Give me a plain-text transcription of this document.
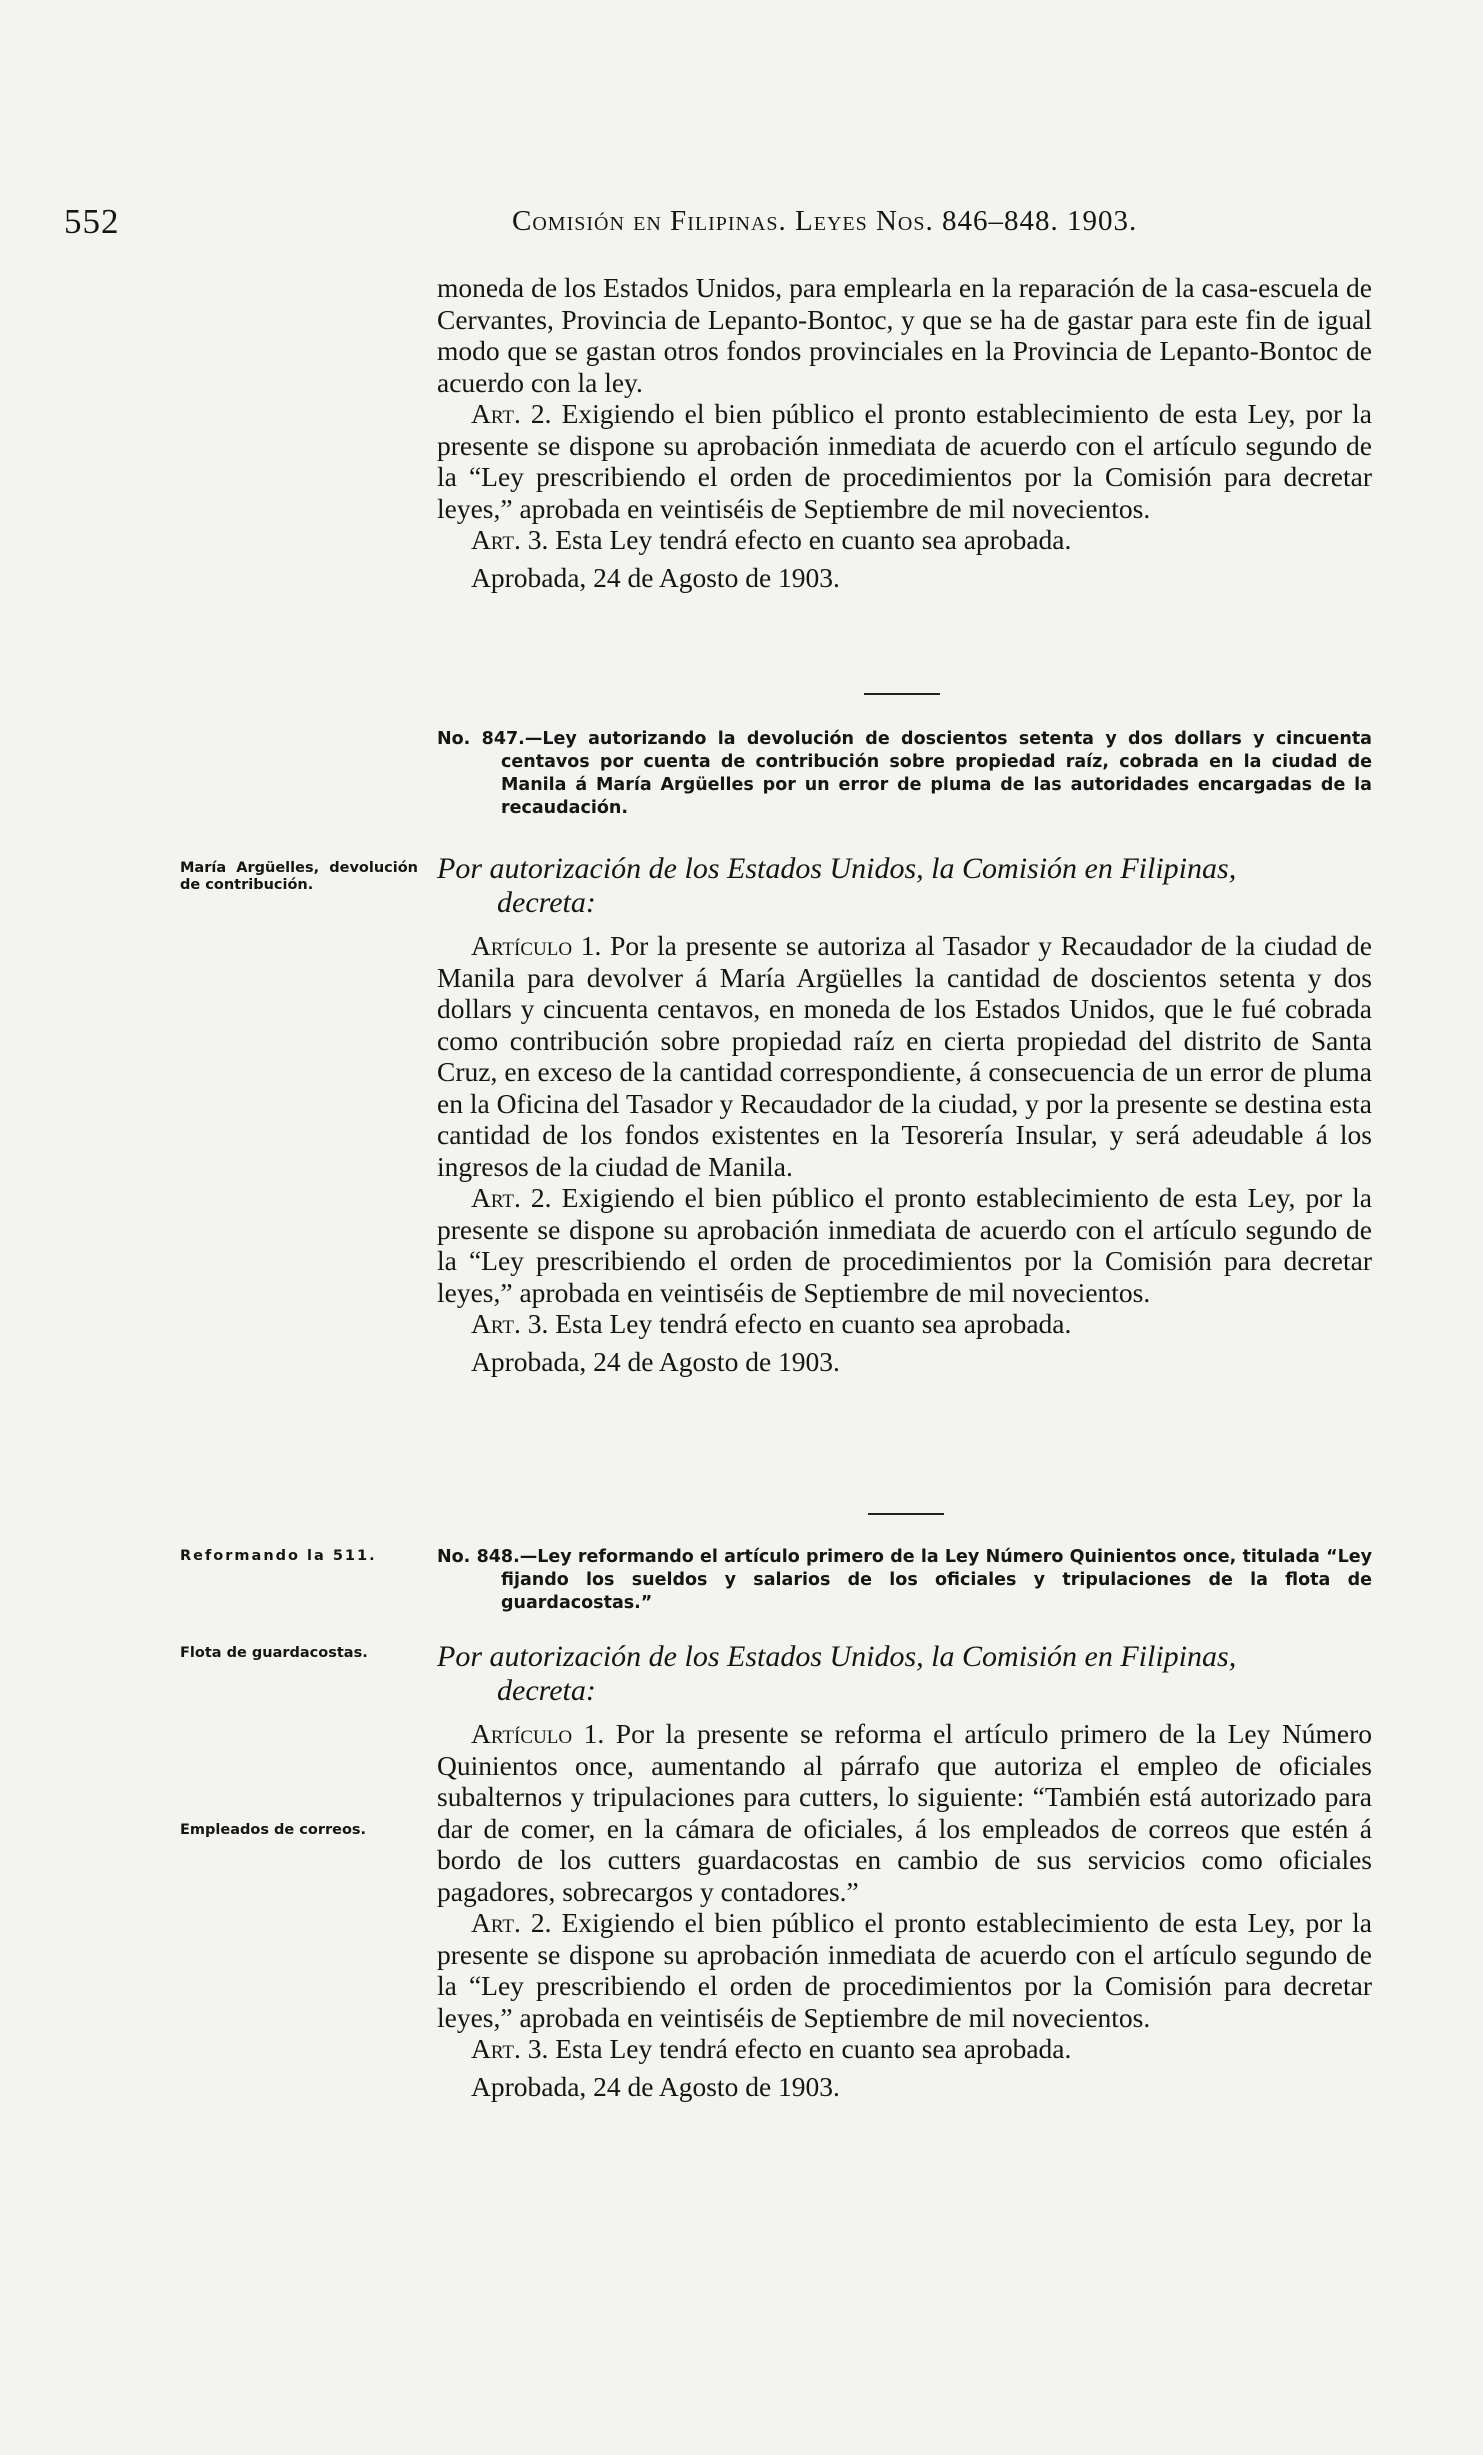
552	Comisión en Filipinas. Leyes Nos. 846–848. 1903.

moneda de los Estados Unidos, para emplearla en la reparación de la casa-escuela de Cervantes, Provincia de Lepanto-Bontoc, y que se ha de gastar para este fin de igual modo que se gastan otros fondos provinciales en la Provincia de Lepanto-Bontoc de acuerdo con la ley.

Art. 2. Exigiendo el bien público el pronto establecimiento de esta Ley, por la presente se dispone su aprobación inmediata de acuerdo con el artículo segundo de la “Ley prescribiendo el orden de procedimientos por la Comisión para decretar leyes,” aprobada en veintiséis de Septiembre de mil novecientos.

Art. 3. Esta Ley tendrá efecto en cuanto sea aprobada.

Aprobada, 24 de Agosto de 1903.

No. 847.—Ley autorizando la devolución de doscientos setenta y dos dollars y cincuenta centavos por cuenta de contribución sobre propiedad raíz, cobrada en la ciudad de Manila á María Argüelles por un error de pluma de las autoridades encargadas de la recaudación.
María Argüelles, devolución de contribución.	Por autorización de los Estados Unidos, la Comisión en Filipinas,
decreta:

Artículo 1. Por la presente se autoriza al Tasador y Recaudador de la ciudad de Manila para devolver á María Argüelles la cantidad de doscientos setenta y dos dollars y cincuenta centavos, en moneda de los Estados Unidos, que le fué cobrada como contribución sobre propiedad raíz en cierta propiedad del distrito de Santa Cruz, en exceso de la cantidad correspondiente, á consecuencia de un error de pluma en la Oficina del Tasador y Recaudador de la ciudad, y por la presente se destina esta cantidad de los fondos existentes en la Tesorería Insular, y será adeudable á los ingresos de la ciudad de Manila.

Art. 2. Exigiendo el bien público el pronto establecimiento de esta Ley, por la presente se dispone su aprobación inmediata de acuerdo con el artículo segundo de la “Ley prescribiendo el orden de procedimientos por la Comisión para decretar leyes,” aprobada en veintiséis de Septiembre de mil novecientos.

Art. 3. Esta Ley tendrá efecto en cuanto sea aprobada.

Aprobada, 24 de Agosto de 1903.

Reformando la 511.	No. 848.—Ley reformando el artículo primero de la Ley Número Quinientos once, titulada “Ley fijando los sueldos y salarios de los oficiales y tripulaciones de la flota de guardacostas.”
Flota de guardacostas.	Por autorización de los Estados Unidos, la Comisión en Filipinas,
decreta:
Empleados de correos.

Artículo 1. Por la presente se reforma el artículo primero de la Ley Número Quinientos once, aumentando al párrafo que autoriza el empleo de oficiales subalternos y tripulaciones para cutters, lo siguiente: “También está autorizado para dar de comer, en la cámara de oficiales, á los empleados de correos que estén á bordo de los cutters guardacostas en cambio de sus servicios como oficiales pagadores, sobrecargos y contadores.”

Art. 2. Exigiendo el bien público el pronto establecimiento de esta Ley, por la presente se dispone su aprobación inmediata de acuerdo con el artículo segundo de la “Ley prescribiendo el orden de procedimientos por la Comisión para decretar leyes,” aprobada en veintiséis de Septiembre de mil novecientos.

Art. 3. Esta Ley tendrá efecto en cuanto sea aprobada.

Aprobada, 24 de Agosto de 1903.
